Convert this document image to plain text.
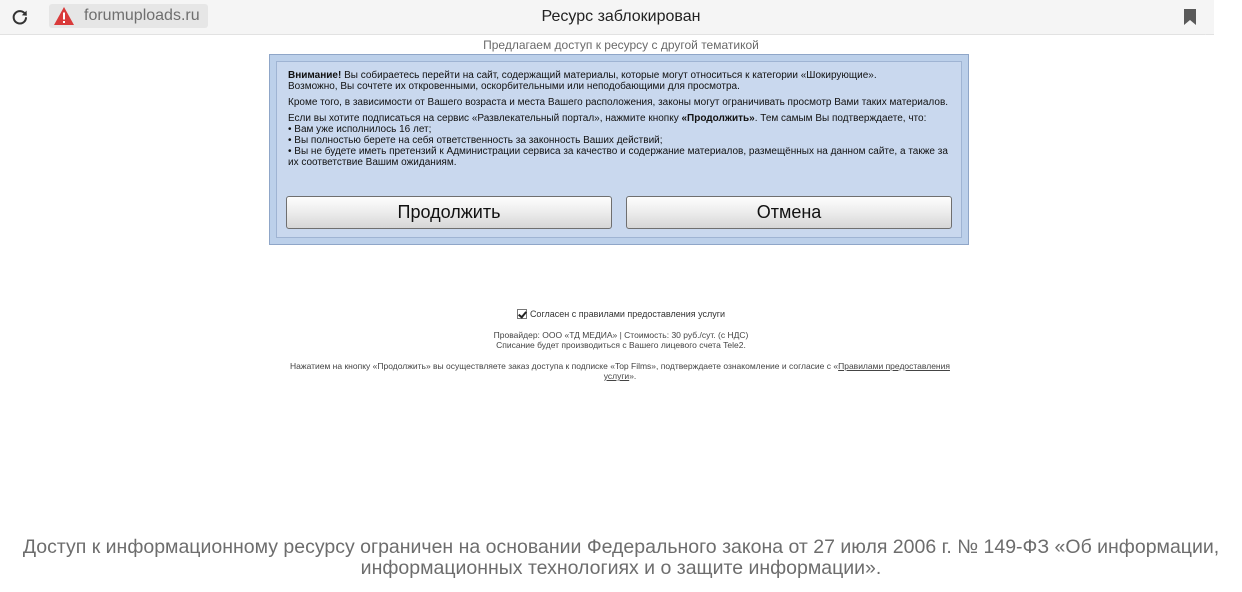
forumuploads.ru	Ресурс заблокирован
Предлагаем доступ к ресурсу с другой тематикой

Внимание! Вы собираетесь перейти на сайт, содержащий материалы, которые могут относиться к категории «Шокирующие».
Возможно, Вы сочтете их откровенными, оскорбительными или неподобающими для просмотра.

Кроме того, в зависимости от Вашего возраста и места Вашего расположения, законы могут ограничивать просмотр Вами таких материалов.

Если вы хотите подписаться на сервис «Развлекательный портал», нажмите кнопку «Продолжить». Тем самым Вы подтверждаете, что:
• Вам уже исполнилось 16 лет;
• Вы полностью берете на себя ответственность за законность Ваших действий;
• Вы не будете иметь претензий к Администрации сервиса за качество и содержание материалов, размещённых на данном сайте, а также за их соответствие Вашим ожиданиям.

Продолжить	Отмена
Согласен с правилами предоставления услуги
Провайдер: ООО «ТД МЕДИА» | Стоимость: 30 руб./сут. (с НДС)
Списание будет производиться с Вашего лицевого счета Tele2.
Нажатием на кнопку «Продолжить» вы осуществляете заказ доступа к подписке «Top Films», подтверждаете ознакомление и согласие с «Правилами предоставления услуги».
Доступ к информационному ресурсу ограничен на основании Федерального закона от 27 июля 2006 г. № 149-ФЗ «Об информации, информационных технологиях и о защите информации».
